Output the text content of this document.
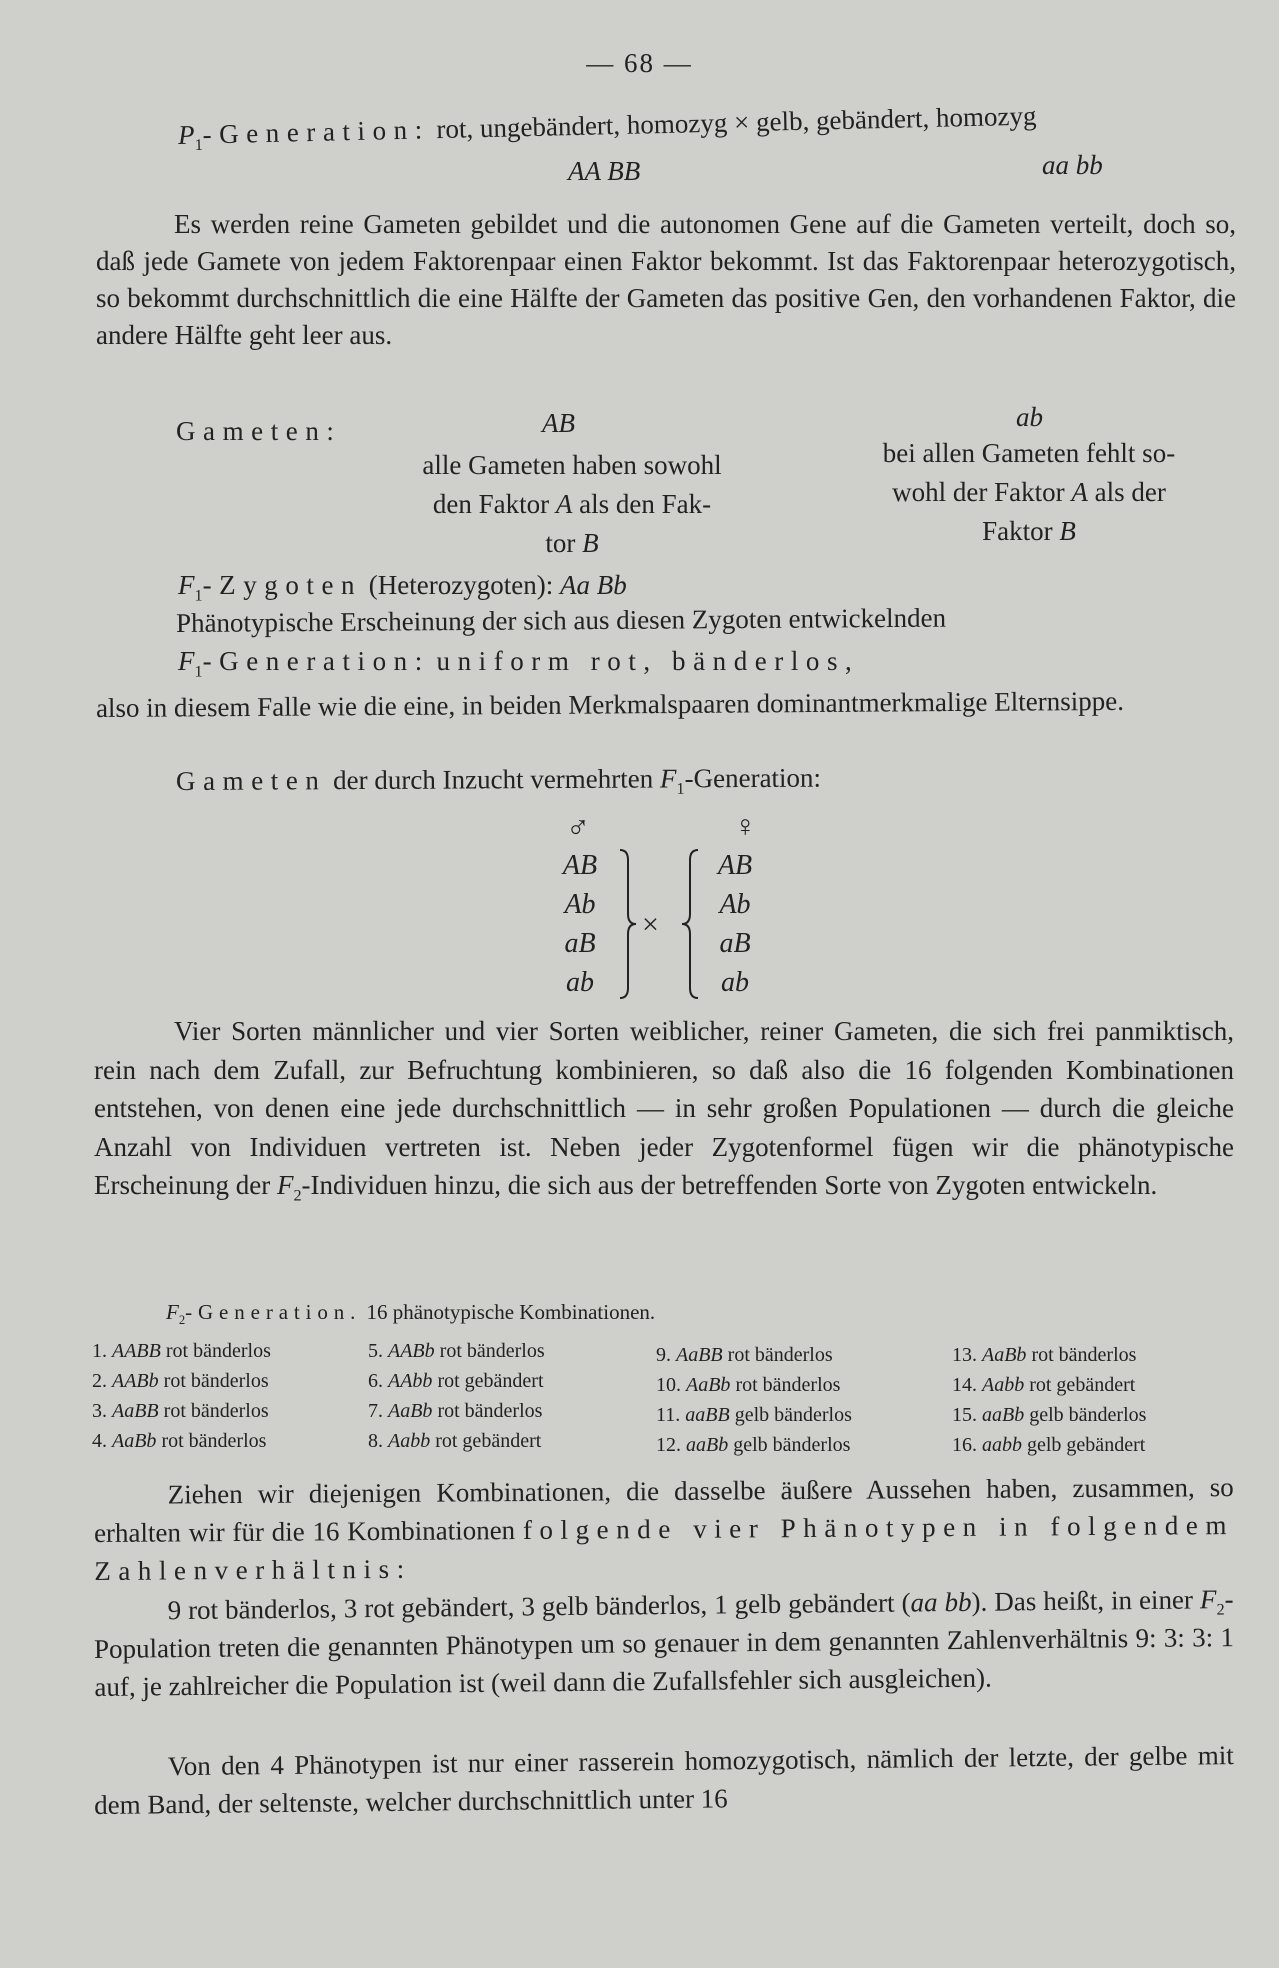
— 68 —
$P_1$-Generation: rot, ungebändert, homozyg × gelb, gebändert, homozyg
AA BB	aa bb
Es werden reine Gameten gebildet und die autonomen Gene auf die Gameten verteilt, doch so, daß jede Gamete von jedem Faktorenpaar einen Faktor bekommt. Ist das Faktorenpaar heterozygotisch, so bekommt durchschnittlich die eine Hälfte der Gameten das positive Gen, den vorhandenen Faktor, die andere Hälfte geht leer aus.
Gameten:	AB
alle Gameten haben sowohl
den Faktor A als den Fak-
tor B
ab
bei allen Gameten fehlt so-
wohl der Faktor A als der
Faktor B
$F_1$-Zygoten (Heterozygoten): Aa Bb
Phänotypische Erscheinung der sich aus diesen Zygoten entwickelnden
$F_1$-Generation: uniform rot, bänderlos,
also in diesem Falle wie die eine, in beiden Merkmalspaaren dominantmerkmalige Elternsippe.
Gameten der durch Inzucht vermehrten $F_1$-Generation:
♂	♀
AB
Ab
aB
ab
×
AB
Ab
aB
ab
Vier Sorten männlicher und vier Sorten weiblicher, reiner Gameten, die sich frei panmiktisch, rein nach dem Zufall, zur Befruchtung kombinieren, so daß also die 16 folgenden Kombinationen entstehen, von denen eine jede durchschnittlich — in sehr großen Populationen — durch die gleiche Anzahl von Individuen vertreten ist. Neben jeder Zygotenformel fügen wir die phänotypische Erscheinung der $F_2$-Individuen hinzu, die sich aus der betreffenden Sorte von Zygoten entwickeln.
$F_2$-Generation. 16 phänotypische Kombinationen.
1. AABB rot bänderlos
2. AABb rot bänderlos
3. AaBB rot bänderlos
4. AaBb rot bänderlos
5. AABb rot bänderlos
6. AAbb rot gebändert
7. AaBb rot bänderlos
8. Aabb rot gebändert
9. AaBB rot bänderlos
10. AaBb rot bänderlos
11. aaBB gelb bänderlos
12. aaBb gelb bänderlos
13. AaBb rot bänderlos
14. Aabb rot gebändert
15. aaBb gelb bänderlos
16. aabb gelb gebändert
Ziehen wir diejenigen Kombinationen, die dasselbe äußere Aussehen haben, zusammen, so erhalten wir für die 16 Kombinationen folgende vier Phänotypen in folgendem Zahlenverhältnis:
9 rot bänderlos, 3 rot gebändert, 3 gelb bänderlos, 1 gelb gebändert (aa bb). Das heißt, in einer $F_2$-Population treten die genannten Phänotypen um so genauer in dem genannten Zahlenverhältnis 9: 3: 3: 1 auf, je zahlreicher die Population ist (weil dann die Zufallsfehler sich ausgleichen).
Von den 4 Phänotypen ist nur einer rasserein homozygotisch, nämlich der letzte, der gelbe mit dem Band, der seltenste, welcher durchschnittlich unter 16
